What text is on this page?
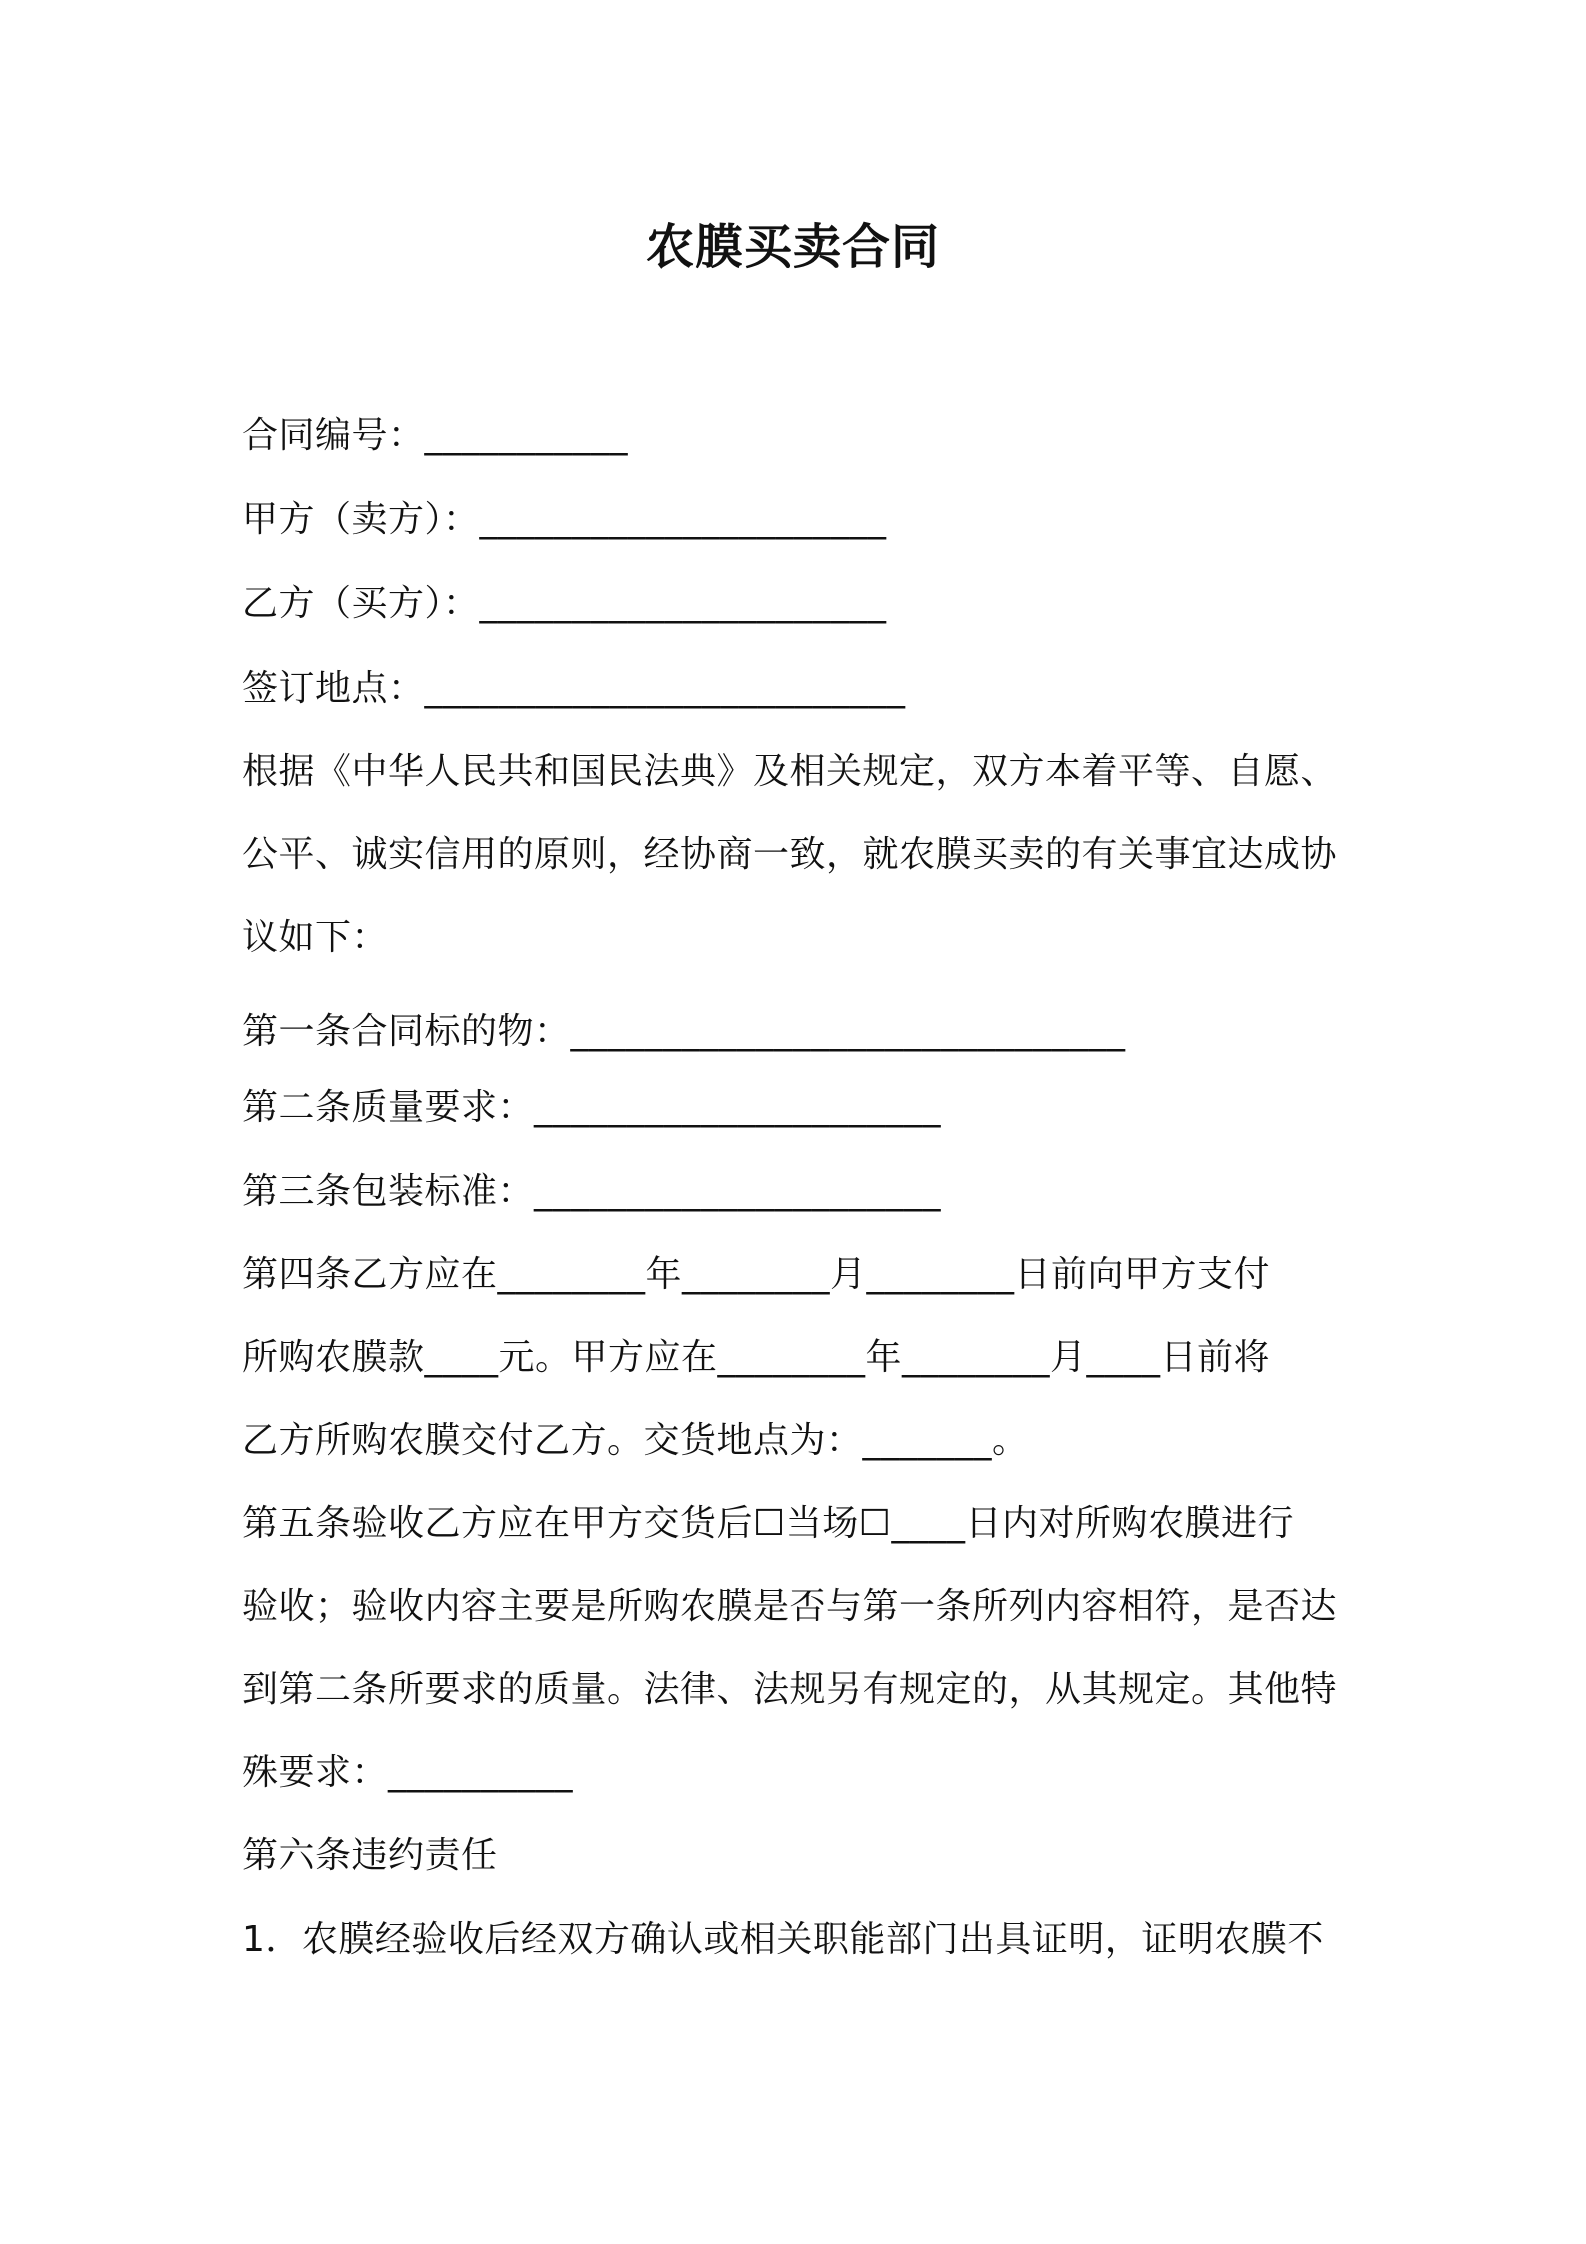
农膜买卖合同
合同编号：___________
甲方（卖方）：______________________
乙方（买方）：______________________
签订地点：__________________________
根据《中华人民共和国民法典》及相关规定，双方本着平等、自愿、
公平、诚实信用的原则，经协商一致，就农膜买卖的有关事宜达成协
议如下：
第一条合同标的物：______________________________
第二条质量要求：______________________
第三条包装标准：______________________
第四条乙方应在________年________月________日前向甲方支付
所购农膜款____元。甲方应在________年________月____日前将
乙方所购农膜交付乙方。交货地点为：_______。
第五条验收乙方应在甲方交货后☐当场☐____日内对所购农膜进行
验收；验收内容主要是所购农膜是否与第一条所列内容相符，是否达
到第二条所要求的质量。法律、法规另有规定的，从其规定。其他特
殊要求：__________
第六条违约责任
1．农膜经验收后经双方确认或相关职能部门出具证明，证明农膜不
